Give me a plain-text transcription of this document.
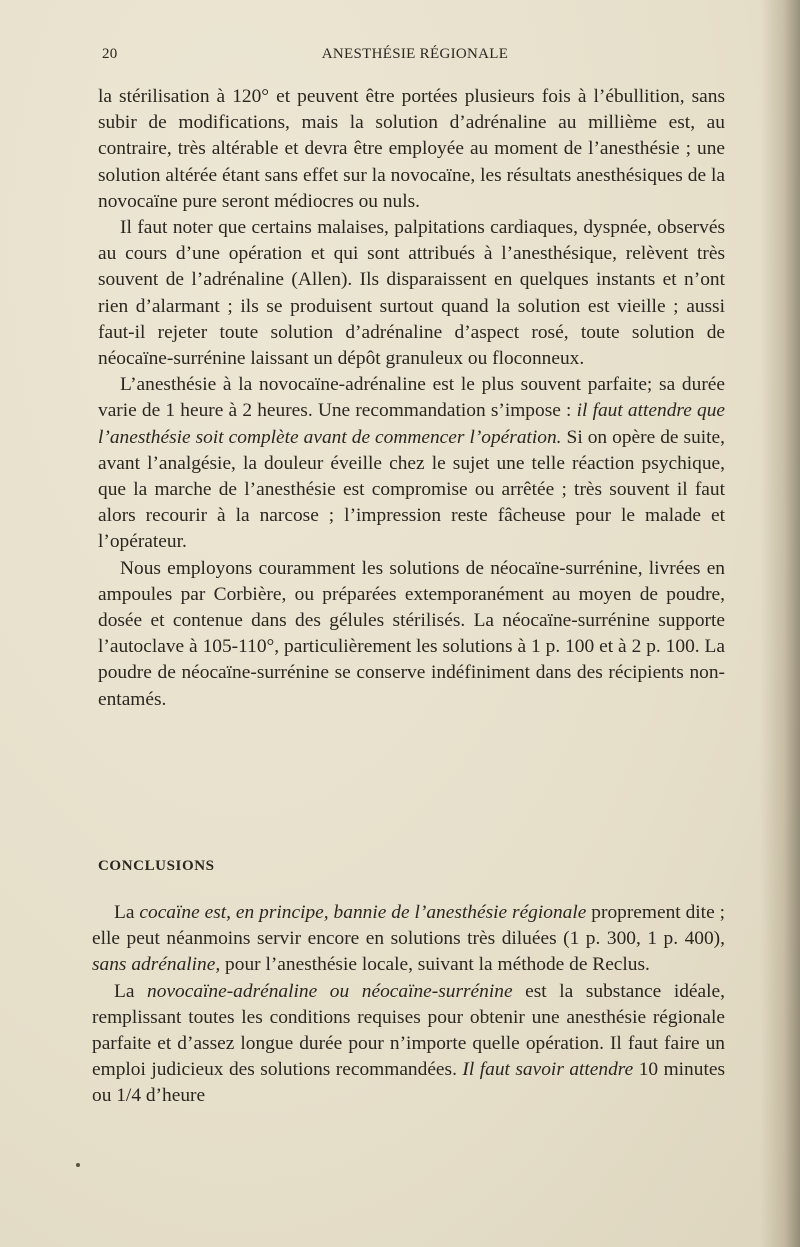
20	ANESTHÉSIE RÉGIONALE

la stérilisation à 120° et peuvent être portées plusieurs fois à l’ébullition, sans subir de modifications, mais la solution d’adrénaline au millième est, au contraire, très altérable et devra être employée au moment de l’anesthésie ; une solution altérée étant sans effet sur la novocaïne, les résultats anesthésiques de la novocaïne pure seront médiocres ou nuls.

Il faut noter que certains malaises, palpitations cardiaques, dyspnée, observés au cours d’une opération et qui sont attribués à l’anesthésique, relèvent très souvent de l’adrénaline (Allen). Ils disparaissent en quelques instants et n’ont rien d’alarmant ; ils se produisent surtout quand la solution est vieille ; aussi faut-il rejeter toute solution d’adrénaline d’aspect rosé, toute solution de néocaïne-surrénine laissant un dépôt granuleux ou floconneux.

L’anesthésie à la novocaïne-adrénaline est le plus souvent parfaite; sa durée varie de 1 heure à 2 heures. Une recommandation s’impose : il faut attendre que l’anesthésie soit complète avant de commencer l’opération. Si on opère de suite, avant l’analgésie, la douleur éveille chez le sujet une telle réaction psychique, que la marche de l’anesthésie est compromise ou arrêtée ; très souvent il faut alors recourir à la narcose ; l’impression reste fâcheuse pour le malade et l’opérateur.

Nous employons couramment les solutions de néocaïne-surrénine, livrées en ampoules par Corbière, ou préparées extemporanément au moyen de poudre, dosée et contenue dans des gélules stérilisés. La néocaïne-surrénine supporte l’autoclave à 105-110°, particulièrement les solutions à 1 p. 100 et à 2 p. 100. La poudre de néocaïne-surrénine se conserve indéfiniment dans des récipients non-entamés.

CONCLUSIONS

La cocaïne est, en principe, bannie de l’anesthésie régionale proprement dite ; elle peut néanmoins servir encore en solutions très diluées (1 p. 300, 1 p. 400), sans adrénaline, pour l’anesthésie locale, suivant la méthode de Reclus.

La novocaïne-adrénaline ou néocaïne-surrénine est la substance idéale, remplissant toutes les conditions requises pour obtenir une anesthésie régionale parfaite et d’assez longue durée pour n’importe quelle opération. Il faut faire un emploi judicieux des solutions recommandées. Il faut savoir attendre 10 minutes ou 1/4 d’heure
